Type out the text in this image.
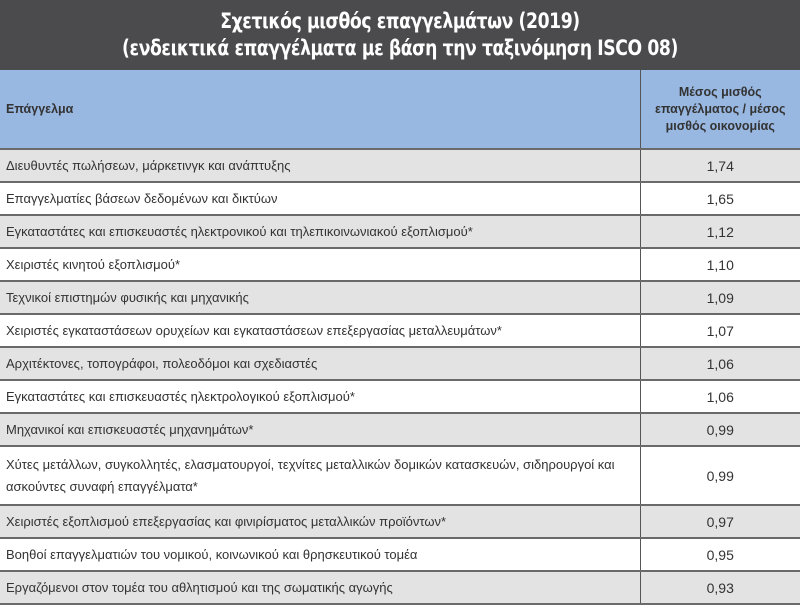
Σχετικός μισθός επαγγελμάτων (2019)
(ενδεικτικά επαγγέλματα με βάση την ταξινόμηση ISCO 08)
Επάγγελμα	Μέσος μισθός επαγγέλματος / μέσος μισθός οικονομίας
Διευθυντές πωλήσεων, μάρκετινγκ και ανάπτυξης	1,74
Επαγγελματίες βάσεων δεδομένων και δικτύων	1,65
Εγκαταστάτες και επισκευαστές ηλεκτρονικού και τηλεπικοινωνιακού εξοπλισμού*	1,12
Χειριστές κινητού εξοπλισμού*	1,10
Τεχνικοί επιστημών φυσικής και μηχανικής	1,09
Χειριστές εγκαταστάσεων ορυχείων και εγκαταστάσεων επεξεργασίας μεταλλευμάτων*	1,07
Αρχιτέκτονες, τοπογράφοι, πολεοδόμοι και σχεδιαστές	1,06
Εγκαταστάτες και επισκευαστές ηλεκτρολογικού εξοπλισμού*	1,06
Μηχανικοί και επισκευαστές μηχανημάτων*	0,99
Χύτες μετάλλων, συγκολλητές, ελασματουργοί, τεχνίτες μεταλλικών δομικών κατασκευών, σιδηρουργοί και ασκούντες συναφή επαγγέλματα*	0,99
Χειριστές εξοπλισμού επεξεργασίας και φινιρίσματος μεταλλικών προϊόντων*	0,97
Βοηθοί επαγγελματιών του νομικού, κοινωνικού και θρησκευτικού τομέα	0,95
Εργαζόμενοι στον τομέα του αθλητισμού και της σωματικής αγωγής	0,93
